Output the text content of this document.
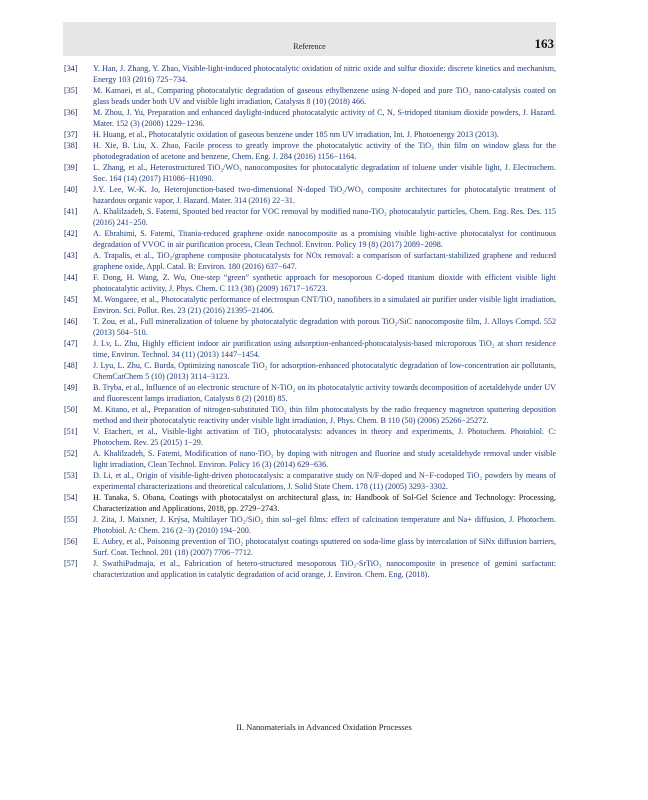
Reference	163
[34] Y. Han, J. Zhang, Y. Zhao, Visible-light-induced photocatalytic oxidation of nitric oxide and sulfur dioxide: discrete kinetics and mechanism, Energy 103 (2016) 725−734.
[35] M. Kamaei, et al., Comparing photocatalytic degradation of gaseous ethylbenzene using N-doped and pure TiO₂ nano-catalysis coated on glass beads under both UV and visible light irradiation, Catalysts 8 (10) (2018) 466.
[36] M. Zhou, J. Yu, Preparation and enhanced daylight-induced photocatalytic activity of C, N, S-tridoped titanium dioxide powders, J. Hazard. Mater. 152 (3) (2008) 1229−1236.
[37] H. Huang, et al., Photocatalytic oxidation of gaseous benzene under 185 nm UV irradiation, Int. J. Photoenergy 2013 (2013).
[38] H. Xie, B. Liu, X. Zhao, Facile process to greatly improve the photocatalytic activity of the TiO₂ thin film on window glass for the photodegradation of acetone and benzene, Chem. Eng. J. 284 (2016) 1156−1164.
[39] L. Zhang, et al., Heterostructured TiO₂/WO₃ nanocomposites for photocatalytic degradation of toluene under visible light, J. Electrochem. Soc. 164 (14) (2017) H1086−H1090.
[40] J.Y. Lee, W.-K. Jo, Heterojunction-based two-dimensional N-doped TiO₂/WO₃ composite architectures for photocatalytic treatment of hazardous organic vapor, J. Hazard. Mater. 314 (2016) 22−31.
[41] A. Khalilzadeh, S. Fatemi, Spouted bed reactor for VOC removal by modified nano-TiO₂ photocatalytic particles, Chem. Eng. Res. Des. 115 (2016) 241−250.
[42] A. Ebrahimi, S. Fatemi, Titania-reduced graphene oxide nanocomposite as a promising visible light-active photocatalyst for continuous degradation of VVOC in air purification process, Clean Technol. Environ. Policy 19 (8) (2017) 2089−2098.
[43] A. Trapalis, et al., TiO₂/graphene composite photocatalysts for NOx removal: a comparison of surfactant-stabilized graphene and reduced graphene oxide, Appl. Catal. B: Environ. 180 (2016) 637−647.
[44] F. Dong, H. Wang, Z. Wu, One-step “green” synthetic approach for mesoporous C-doped titanium dioxide with efficient visible light photocatalytic activity, J. Phys. Chem. C 113 (38) (2009) 16717−16723.
[45] M. Wongaree, et al., Photocatalytic performance of electrospun CNT/TiO₂ nanofibers in a simulated air purifier under visible light irradiation, Environ. Sci. Pollut. Res. 23 (21) (2016) 21395−21406.
[46] T. Zou, et al., Full mineralization of toluene by photocatalytic degradation with porous TiO₂/SiC nanocomposite film, J. Alloys Compd. 552 (2013) 504−510.
[47] J. Lv, L. Zhu, Highly efficient indoor air purification using adsorption-enhanced-photocatalysis-based microporous TiO₂ at short residence time, Environ. Technol. 34 (11) (2013) 1447−1454.
[48] J. Lyu, L. Zhu, C. Burda, Optimizing nanoscale TiO₂ for adsorption-enhanced photocatalytic degradation of low-concentration air pollutants, ChemCatChem 5 (10) (2013) 3114−3123.
[49] B. Tryba, et al., Influence of an electronic structure of N-TiO₂ on its photocatalytic activity towards decomposition of acetaldehyde under UV and fluorescent lamps irradiation, Catalysts 8 (2) (2018) 85.
[50] M. Kitano, et al., Preparation of nitrogen-substituted TiO₂ thin film photocatalysts by the radio frequency magnetron sputtering deposition method and their photocatalytic reactivity under visible light irradiation, J. Phys. Chem. B 110 (50) (2006) 25266−25272.
[51] V. Etacheri, et al., Visible-light activation of TiO₂ photocatalysts: advances in theory and experiments, J. Photochem. Photobiol. C: Photochem. Rev. 25 (2015) 1−29.
[52] A. Khalilzadeh, S. Fatemi, Modification of nano-TiO₂ by doping with nitrogen and fluorine and study acetaldehyde removal under visible light irradiation, Clean Technol. Environ. Policy 16 (3) (2014) 629−636.
[53] D. Li, et al., Origin of visible-light-driven photocatalysis: a comparative study on N/F-doped and N−F-codoped TiO₂ powders by means of experimental characterizations and theoretical calculations, J. Solid State Chem. 178 (11) (2005) 3293−3302.
[54] H. Tanaka, S. Obana, Coatings with photocatalyst on architectural glass, in: Handbook of Sol-Gel Science and Technology: Processing, Characterization and Applications, 2018, pp. 2729−2743.
[55] J. Zita, J. Maixner, J. Krýsa, Multilayer TiO₂/SiO₂ thin sol−gel films: effect of calcination temperature and Na+ diffusion, J. Photochem. Photobiol. A: Chem. 216 (2−3) (2010) 194−200.
[56] E. Aubry, et al., Poisoning prevention of TiO₂ photocatalyst coatings sputtered on soda-lime glass by intercalation of SiNx diffusion barriers, Surf. Coat. Technol. 201 (18) (2007) 7706−7712.
[57] J. SwathiPadmaja, et al., Fabrication of hetero-structured mesoporous TiO₂-SrTiO₃ nanocomposite in presence of gemini surfactant: characterization and application in catalytic degradation of acid orange, J. Environ. Chem. Eng. (2018).
II. Nanomaterials in Advanced Oxidation Processes
